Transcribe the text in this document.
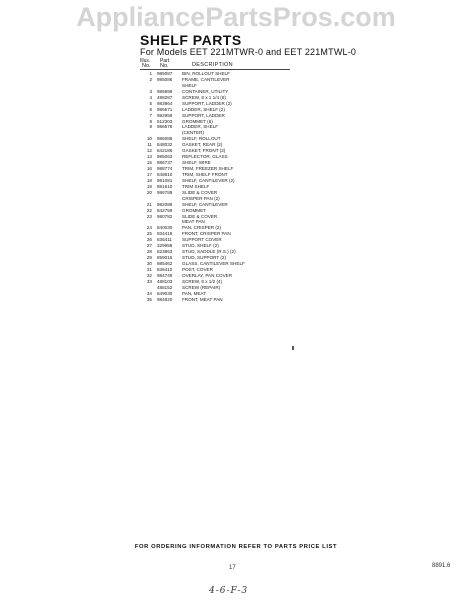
AppliancePartsPros.com
SHELF PARTS
For Models EET 221MTWR-0 and EET 221MTWL-0
Illus.
No. No.	DESCRIPTION
Part
1 985087 BIN, ROLLOUT SHELF
2 985086 FRAME, CANTILEVER
SHELF
3 986899 CONTAINER, UTILITY
4 488287 SCREW, 8 x 1 1/4 (8)
5 983964 SUPPORT, LADDER (2)
6 986571 LADDER, SHELF (2)
7 982959 SUPPORT, LADDER
8 512303 GROMMET (6)
9 986576 LADDER, SHELF
(CENTER)
10 986086 SHELF, ROLLOUT
11 848032 GASKET, REAR (2)
12 842186 GASKET, FRONT (2)
13 985063 REFLECTOR, GLASS
15 986737 SHELF, WIRE
16 988774 TRIM, FREEZER SHELF
17 848610 TRIM, SHELF FRONT
18 981081 SHELF, CANTILEVER (2)
19 981610 TRIM SHELF
20 986789 SLIDE & COVER
CRISPER PAN (2)
21 982088 SHELF, CANTILEVER
22 842759 GROMMET
23 980782 SLIDE & COVER
MEAT PAN
24 840030 PAN, CRISPER (2)
25 934419 FRONT, CRISPER PAN
26 836411 SUPPORT COVER
27 329958 STUD, SHELF (2)
28 823863 STUD, SADDLE (R.S.) (2)
29 859015 STUD, SUPPORT (2)
30 985462 GLASS, CANTILEVER SHELF
31 836410 POST, COVER
32 984749 OVERLAY, PAN COVER
33 488103 SCREW, 8 x 1/2 (4)
488152 SCREW (REPAIR)
34 849030 PAN, MEAT
35 984820 FRONT, MEAT PAN
FOR ORDERING INFORMATION REFER TO PARTS PRICE LIST
17	8891.6
4-6-F-3
